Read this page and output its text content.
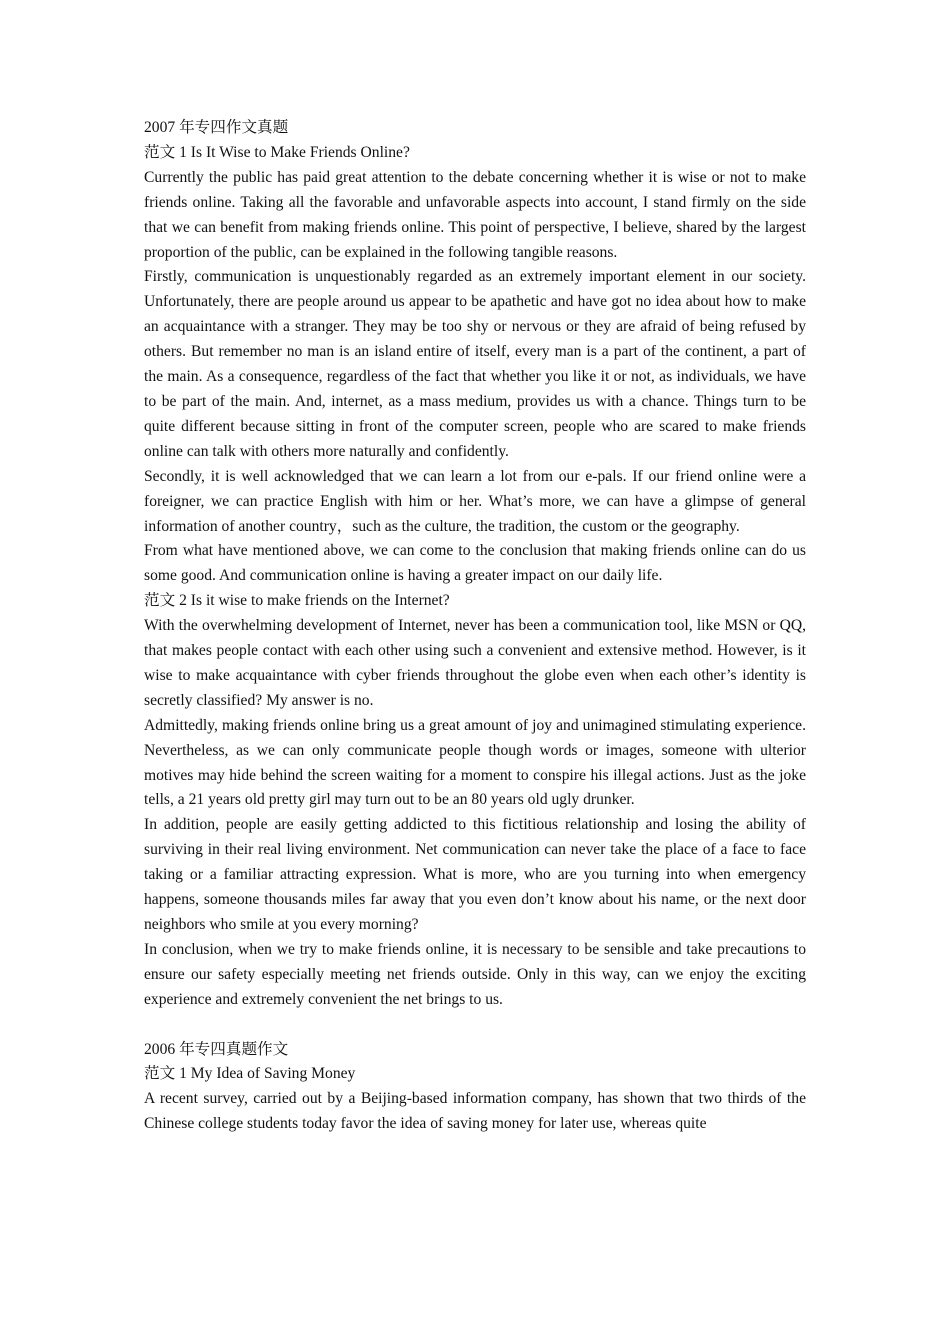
2007 年专四作文真题
范文 1 Is It Wise to Make Friends Online?

Currently the public has paid great attention to the debate concerning whether it is wise or not to make friends online. Taking all the favorable and unfavorable aspects into account, I stand firmly on the side that we can benefit from making friends online. This point of perspective, I believe, shared by the largest proportion of the public, can be explained in the following tangible reasons.

Firstly, communication is unquestionably regarded as an extremely important element in our society. Unfortunately, there are people around us appear to be apathetic and have got no idea about how to make an acquaintance with a stranger. They may be too shy or nervous or they are afraid of being refused by others. But remember no man is an island entire of itself, every man is a part of the continent, a part of the main. As a consequence, regardless of the fact that whether you like it or not, as individuals, we have to be part of the main. And, internet, as a mass medium, provides us with a chance. Things turn to be quite different because sitting in front of the computer screen, people who are scared to make friends online can talk with others more naturally and confidently.

Secondly, it is well acknowledged that we can learn a lot from our e-pals. If our friend online were a foreigner, we can practice English with him or her. What’s more, we can have a glimpse of general information of another country，such as the culture, the tradition, the custom or the geography.

From what have mentioned above, we can come to the conclusion that making friends online can do us some good. And communication online is having a greater impact on our daily life.

范文 2 Is it wise to make friends on the Internet?

With the overwhelming development of Internet, never has been a communication tool, like MSN or QQ, that makes people contact with each other using such a convenient and extensive method. However, is it wise to make acquaintance with cyber friends throughout the globe even when each other’s identity is secretly classified? My answer is no.

Admittedly, making friends online bring us a great amount of joy and unimagined stimulating experience. Nevertheless, as we can only communicate people though words or images, someone with ulterior motives may hide behind the screen waiting for a moment to conspire his illegal actions. Just as the joke tells, a 21 years old pretty girl may turn out to be an 80 years old ugly drunker.

In addition, people are easily getting addicted to this fictitious relationship and losing the ability of surviving in their real living environment. Net communication can never take the place of a face to face taking or a familiar attracting expression. What is more, who are you turning into when emergency happens, someone thousands miles far away that you even don’t know about his name, or the next door neighbors who smile at you every morning?

In conclusion, when we try to make friends online, it is necessary to be sensible and take precautions to ensure our safety especially meeting net friends outside. Only in this way, can we enjoy the exciting experience and extremely convenient the net brings to us.

2006 年专四真题作文
范文 1 My Idea of Saving Money

A recent survey, carried out by a Beijing-based information company, has shown that two thirds of the Chinese college students today favor the idea of saving money for later use, whereas quite
